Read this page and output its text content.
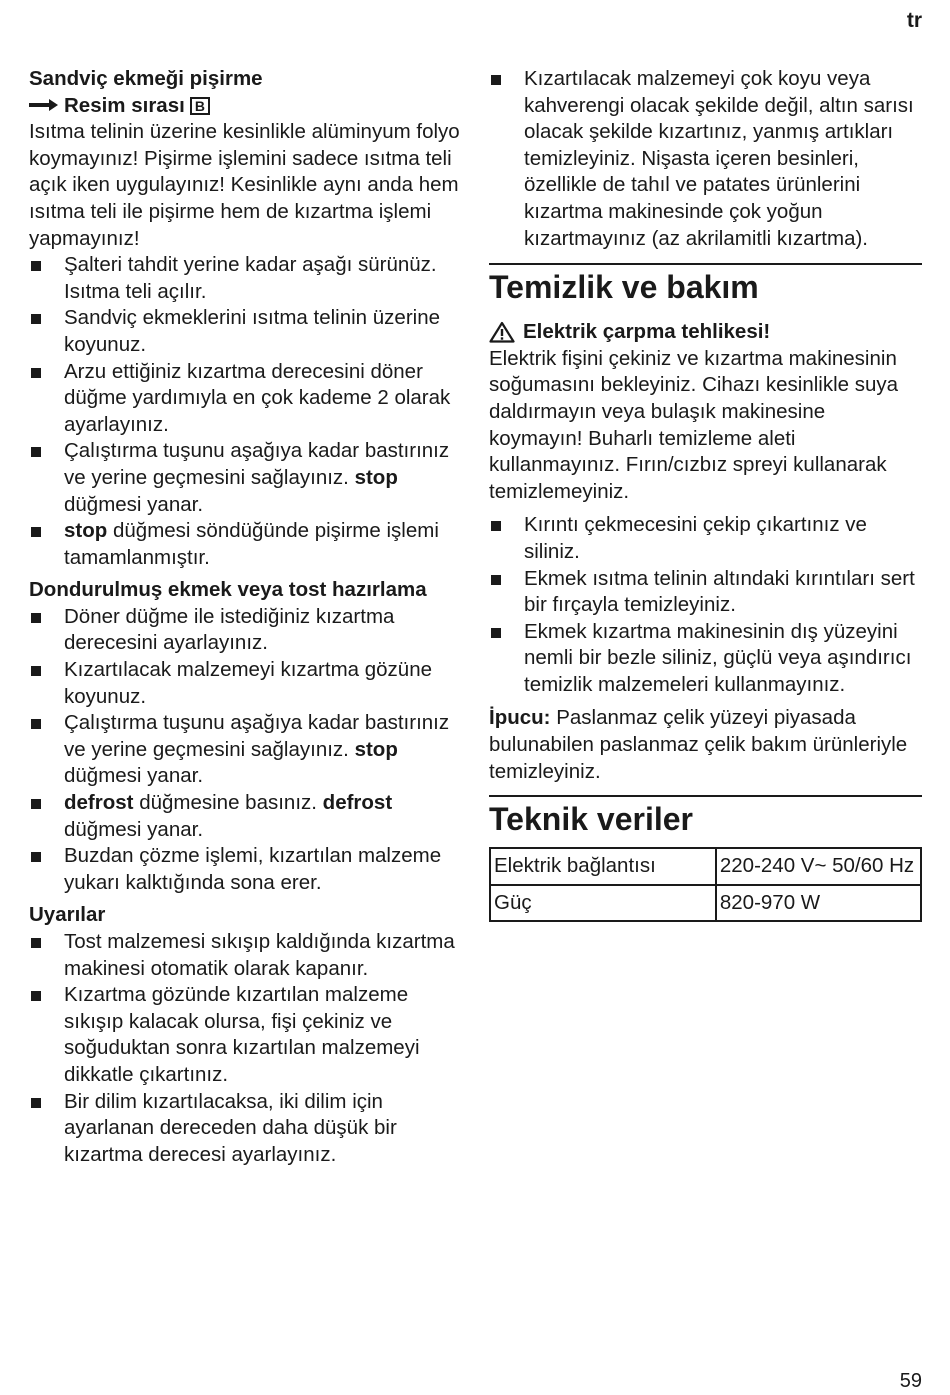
tr

Sandviç ekmeği pişirme

Resim sırası B

Isıtma telinin üzerine kesinlikle alüminyum folyo koymayınız! Pişirme işlemini sadece ısıtma teli açık iken uygulayınız! Kesinlikle aynı anda hem ısıtma teli ile pişirme hem de kızartma işlemi yapmayınız!

Şalteri tahdit yerine kadar aşağı sürünüz. Isıtma teli açılır.
Sandviç ekmeklerini ısıtma telinin üzerine koyunuz.
Arzu ettiğiniz kızartma derecesini döner düğme yardımıyla en çok kademe 2 olarak ayarlayınız.
Çalıştırma tuşunu aşağıya kadar bastırınız ve yerine geçmesini sağlayınız. stop düğmesi yanar.
stop düğmesi söndüğünde pişirme işlemi tamamlanmıştır.

Dondurulmuş ekmek veya tost hazırlama

Döner düğme ile istediğiniz kızartma derecesini ayarlayınız.
Kızartılacak malzemeyi kızartma gözüne koyunuz.
Çalıştırma tuşunu aşağıya kadar bastırınız ve yerine geçmesini sağlayınız. stop düğmesi yanar.
defrost düğmesine basınız. defrost düğmesi yanar.
Buzdan çözme işlemi, kızartılan malzeme yukarı kalktığında sona erer.

Uyarılar

Tost malzemesi sıkışıp kaldığında kızartma makinesi otomatik olarak kapanır.
Kızartma gözünde kızartılan malzeme sıkışıp kalacak olursa, fişi çekiniz ve soğuduktan sonra kızartılan malzemeyi dikkatle çıkartınız.
Bir dilim kızartılacaksa, iki dilim için ayarlanan dereceden daha düşük bir kızartma derecesi ayarlayınız.
Kızartılacak malzemeyi çok koyu veya kahverengi olacak şekilde değil, altın sarısı olacak şekilde kızartınız, yanmış artıkları temizleyiniz. Nişasta içeren besinleri, özellikle de tahıl ve patates ürünlerini kızartma makinesinde çok yoğun kızartmayınız (az akrilamitli kızartma).
Temizlik ve bakım
Elektrik çarpma tehlikesi!

Elektrik fişini çekiniz ve kızartma makinesinin soğumasını bekleyiniz. Cihazı kesinlikle suya daldırmayın veya bulaşık makinesine koymayın! Buharlı temizleme aleti kullanmayınız. Fırın/cızbız spreyi kullanarak temizlemeyiniz.

Kırıntı çekmecesini çekip çıkartınız ve siliniz.
Ekmek ısıtma telinin altındaki kırıntıları sert bir fırçayla temizleyiniz.
Ekmek kızartma makinesinin dış yüzeyini nemli bir bezle siliniz, güçlü veya aşındırıcı temizlik malzemeleri kullanmayınız.

İpucu: Paslanmaz çelik yüzeyi piyasada bulunabilen paslanmaz çelik bakım ürünleriyle temizleyiniz.

Teknik veriler
Elektrik bağlantısı	220-240 V~ 50/60 Hz
Güç	820-970 W
59
